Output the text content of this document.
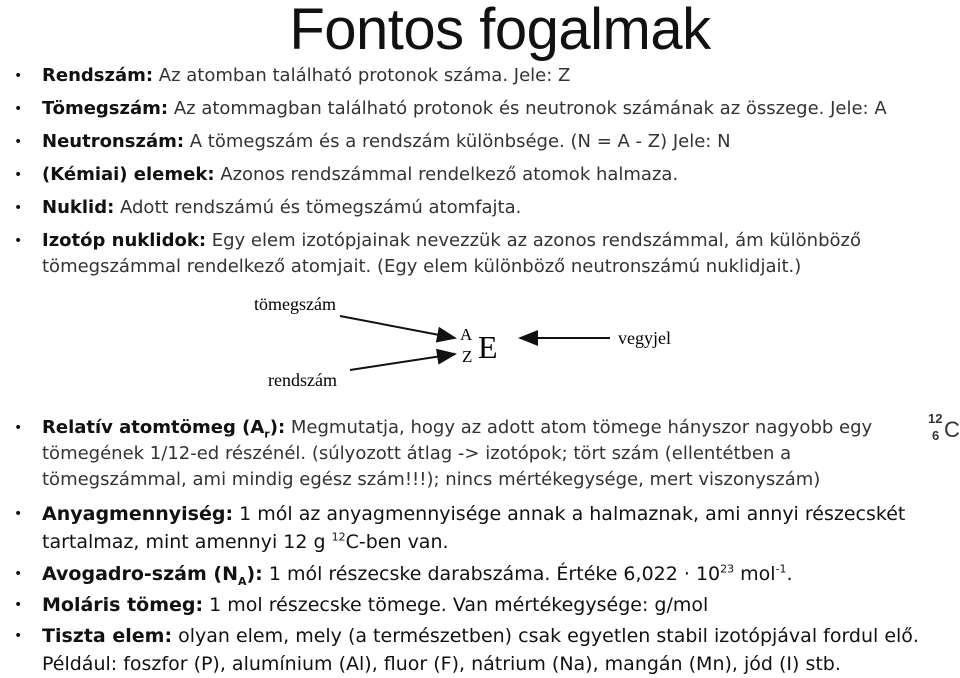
Fontos fogalmak
• Rendszám: Az atomban található protonok száma. Jele: Z
• Tömegszám: Az atommagban található protonok és neutronok számának az összege. Jele: A
• Neutronszám: A tömegszám és a rendszám különbsége. (N = A - Z) Jele: N
• (Kémiai) elemek: Azonos rendszámmal rendelkező atomok halmaza.
• Nuklid: Adott rendszámú és tömegszámú atomfajta.
• Izotóp nuklidok: Egy elem izotópjainak nevezzük az azonos rendszámmal, ám különböző
tömegszámmal rendelkező atomjait. (Egy elem különböző neutronszámú nuklidjait.)
tömegszám
rendszám
A
Z E	vegyjel
• Relatív atomtömeg $(A_r)$: Megmutatja, hogy az adott atom tömege hányszor nagyobb egy
tömegének 1/12-ed részénél. (súlyozott átlag -> izotópok; tört szám (ellentétben a
tömegszámmal, ami mindig egész szám!!!); nincs mértékegysége, mert viszonyszám)
12
6 C
• Anyagmennyiség: 1 mól az anyagmennyisége annak a halmaznak, ami annyi részecskét
tartalmaz, mint amennyi 12 g $^{12}$C-ben van.
• Avogadro-szám $(N_A)$: 1 mól részecske darabszáma. Értéke $6,022 \cdot 10^{23}$ mol$^{-1}$.
• Moláris tömeg: 1 mol részecske tömege. Van mértékegysége: g/mol
• Tiszta elem: olyan elem, mely (a természetben) csak egyetlen stabil izotópjával fordul elő.
Például: foszfor (P), alumínium (Al), fluor (F), nátrium (Na), mangán (Mn), jód (I) stb.
